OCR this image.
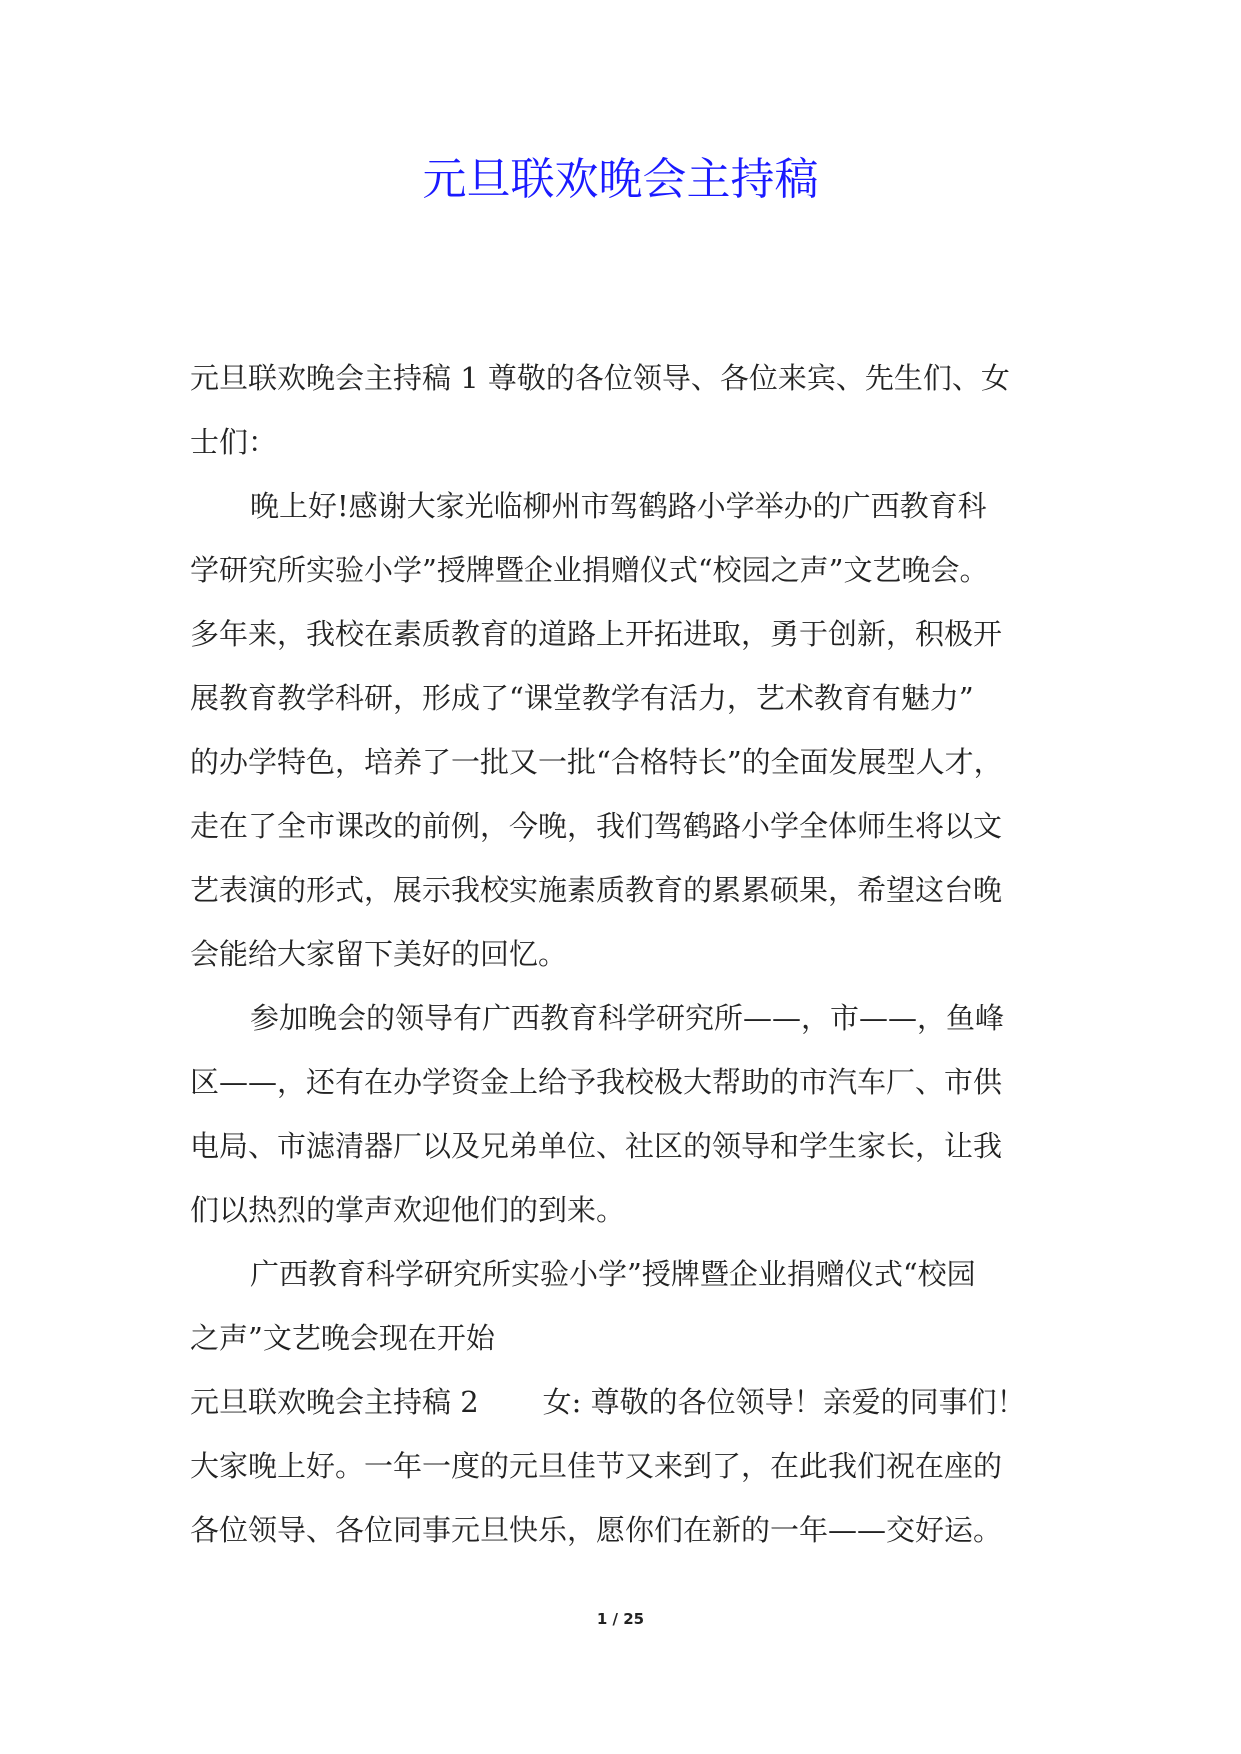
元旦联欢晚会主持稿
元旦联欢晚会主持稿 1 尊敬的各位领导、各位来宾、先生们、女
士们：
晚上好!感谢大家光临柳州市驾鹤路小学举办的广西教育科
学研究所实验小学”授牌暨企业捐赠仪式“校园之声”文艺晚会。
多年来，我校在素质教育的道路上开拓进取，勇于创新，积极开
展教育教学科研，形成了“课堂教学有活力，艺术教育有魅力”
的办学特色，培养了一批又一批“合格特长”的全面发展型人才，
走在了全市课改的前例，今晚，我们驾鹤路小学全体师生将以文
艺表演的形式，展示我校实施素质教育的累累硕果，希望这台晚
会能给大家留下美好的回忆。
参加晚会的领导有广西教育科学研究所——，市——，鱼峰
区——，还有在办学资金上给予我校极大帮助的市汽车厂、市供
电局、市滤清器厂以及兄弟单位、社区的领导和学生家长，让我
们以热烈的掌声欢迎他们的到来。
广西教育科学研究所实验小学”授牌暨企业捐赠仪式“校园
之声”文艺晚会现在开始
元旦联欢晚会主持稿 2 女: 尊敬的各位领导！亲爱的同事们！
大家晚上好。一年一度的元旦佳节又来到了，在此我们祝在座的
各位领导、各位同事元旦快乐，愿你们在新的一年——交好运。
1 / 25
